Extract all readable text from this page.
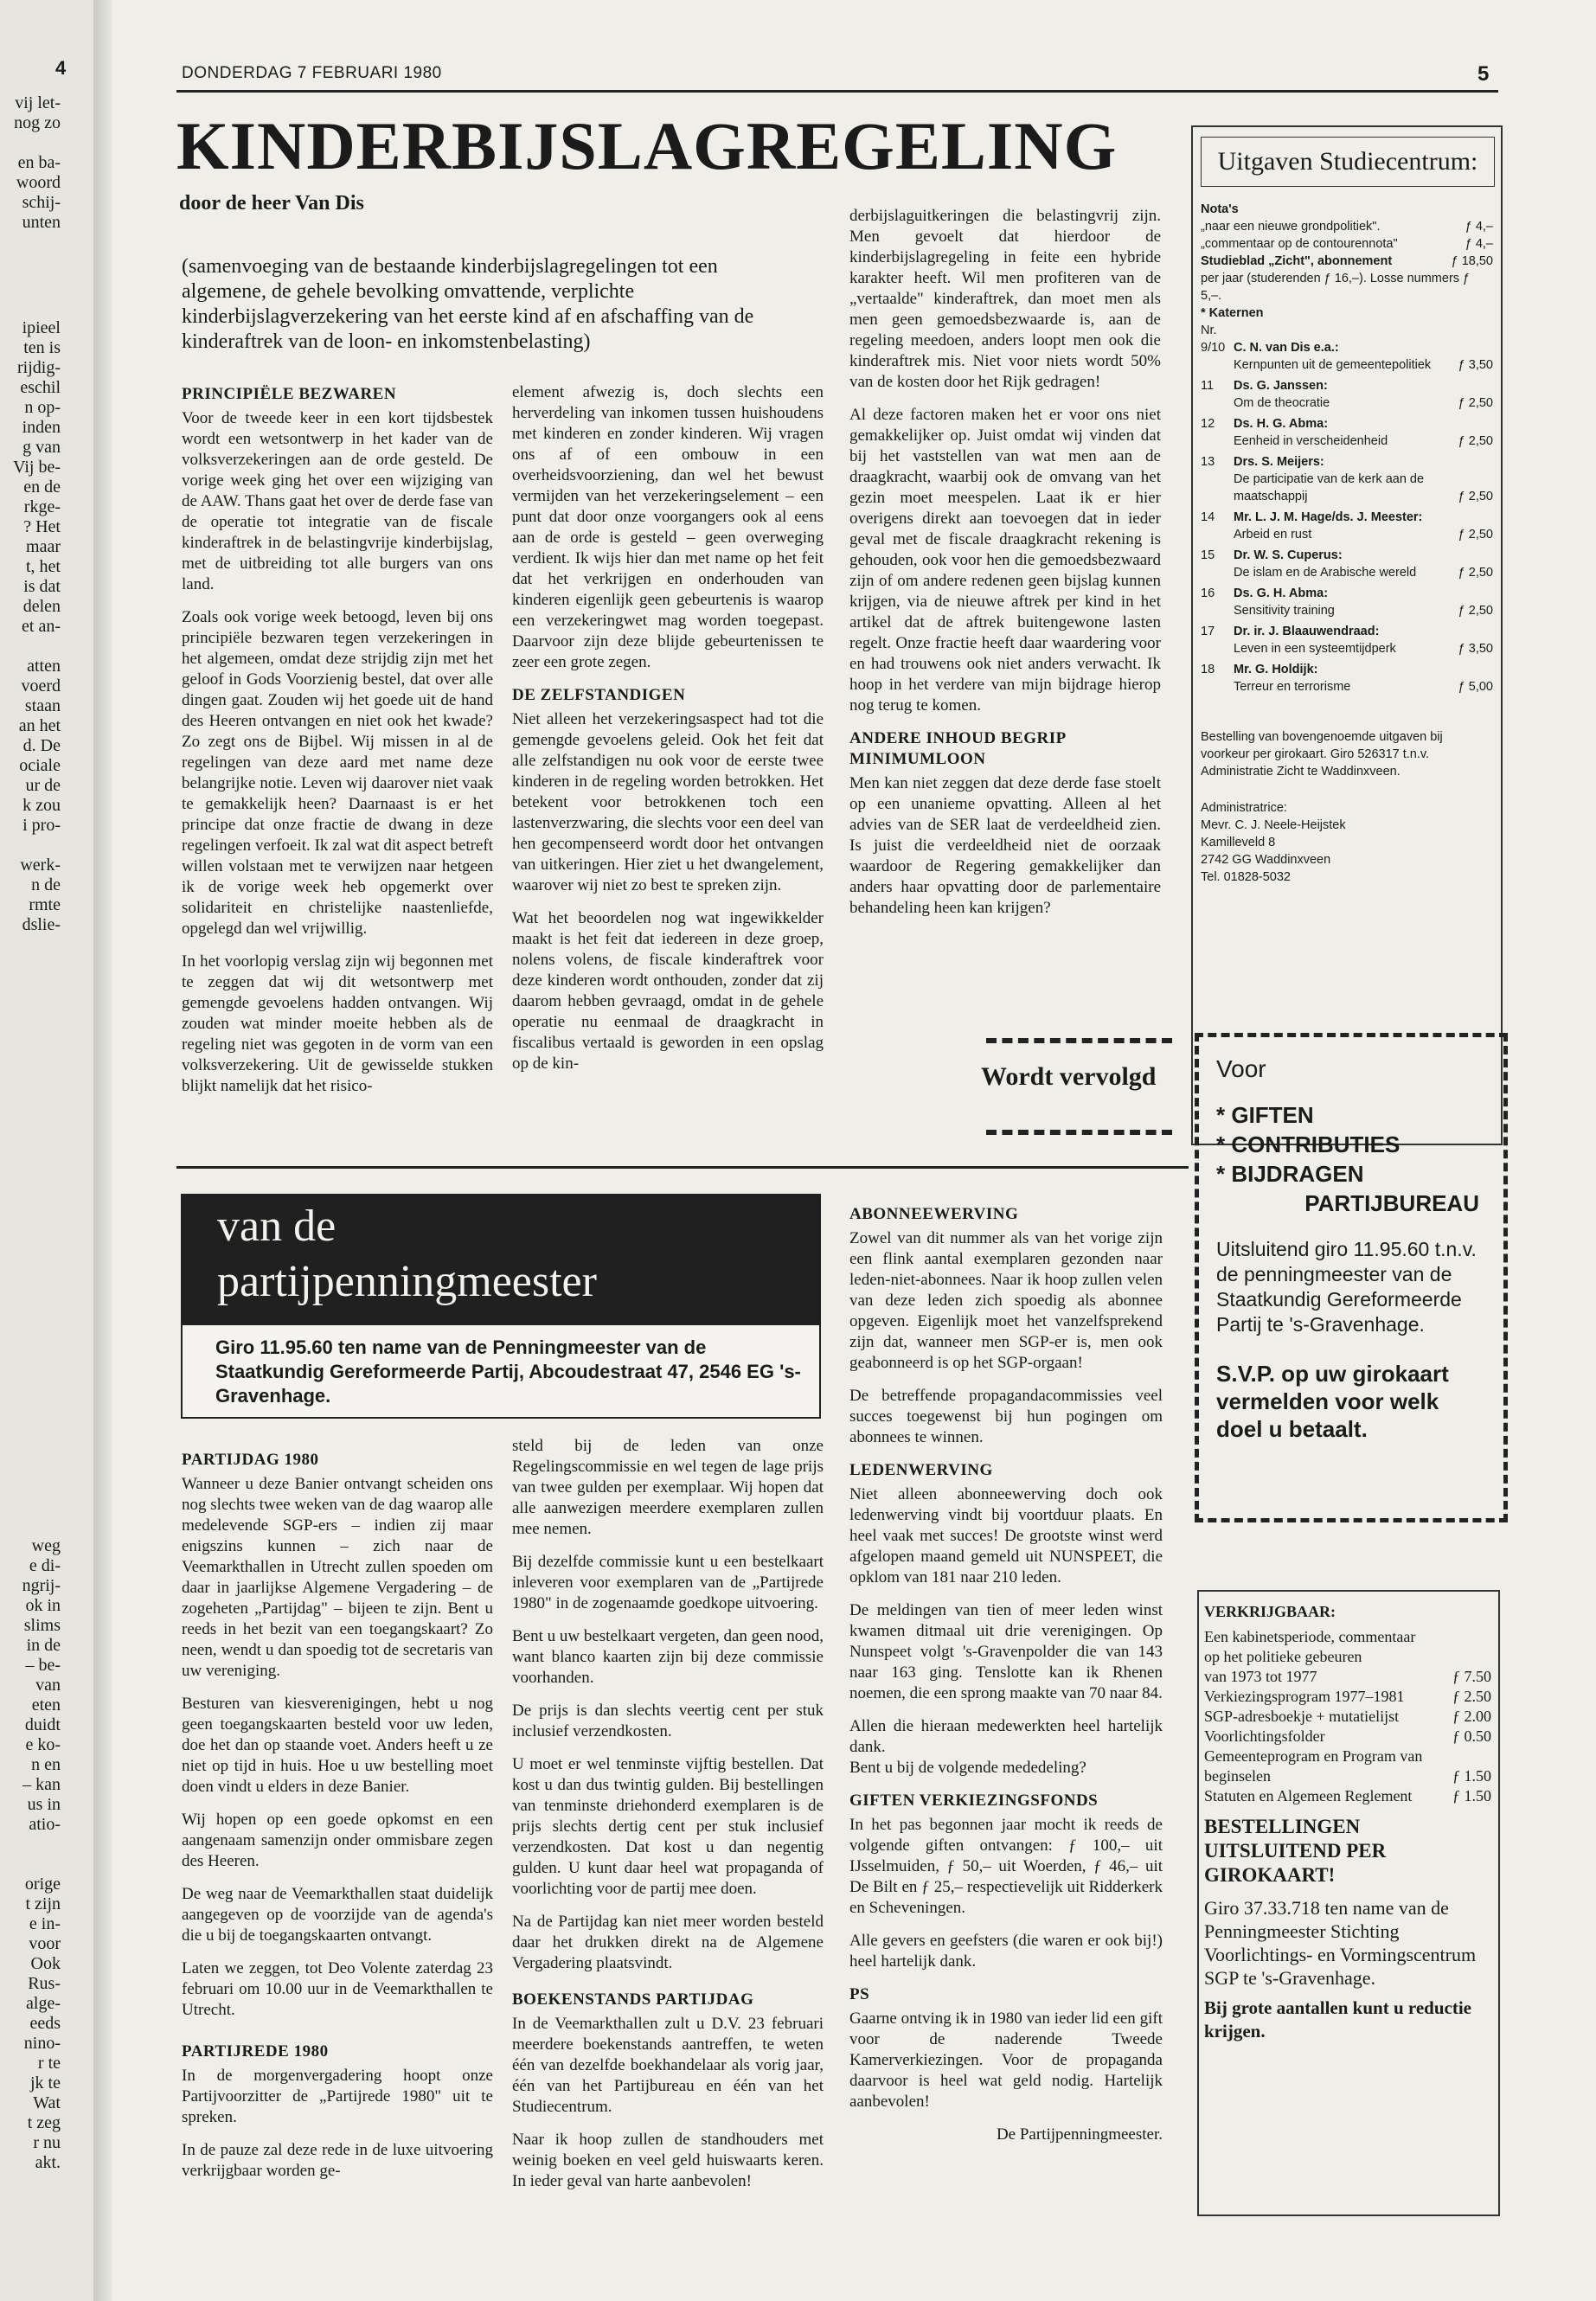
4
vij let-
nog zo
en ba-
woord
schij-
unten
ipieel
ten is
rijdig-
eschil
n op-
inden
g van
Vij be-
en de
rkge-
? Het
maar
t, het
is dat
delen
et an-
atten
voerd
staan
an het
d. De
ociale
ur de
k zou
i pro-
werk-
n de
rmte
dslie-
weg
e di-
ngrij-
ok in
slims
in de
– be-
van
eten
duidt
e ko-
n en
– kan
us in
atio-
orige
t zijn
e in-
voor
Ook
Rus-
alge-
eeds
nino-
r te
jk te
Wat
t zeg
r nu
akt.
DONDERDAG 7 FEBRUARI 1980	5
KINDERBIJSLAGREGELING
door de heer Van Dis
(samenvoeging van de bestaande kinderbijslagregelingen tot een algemene, de gehele bevolking omvattende, verplichte kinderbijslagverzekering van het eerste kind af en afschaffing van de kinderaftrek van de loon- en inkomstenbelasting)
PRINCIPIËLE BEZWAREN

Voor de tweede keer in een kort tijdsbestek wordt een wetsontwerp in het kader van de volksverzekeringen aan de orde gesteld. De vorige week ging het over een wijziging van de AAW. Thans gaat het over de derde fase van de operatie tot integratie van de fiscale kinderaftrek in de belastingvrije kinderbijslag, met de uitbreiding tot alle burgers van ons land.

Zoals ook vorige week betoogd, leven bij ons principiële bezwaren tegen verzekeringen in het algemeen, omdat deze strijdig zijn met het geloof in Gods Voorzienig bestel, dat over alle dingen gaat. Zouden wij het goede uit de hand des Heeren ontvangen en niet ook het kwade? Zo zegt ons de Bijbel. Wij missen in al de regelingen van deze aard met name deze belangrijke notie. Leven wij daarover niet vaak te gemakkelijk heen? Daarnaast is er het principe dat onze fractie de dwang in deze regelingen verfoeit. Ik zal wat dit aspect betreft willen volstaan met te verwijzen naar hetgeen ik de vorige week heb opgemerkt over solidariteit en christelijke naastenliefde, opgelegd dan wel vrijwillig.

In het voorlopig verslag zijn wij begonnen met te zeggen dat wij dit wetsontwerp met gemengde gevoelens hadden ontvangen. Wij zouden wat minder moeite hebben als de regeling niet was gegoten in de vorm van een volksverzekering. Uit de gewisselde stukken blijkt namelijk dat het risico-

element afwezig is, doch slechts een herverdeling van inkomen tussen huishoudens met kinderen en zonder kinderen. Wij vragen ons af of een ombouw in een overheidsvoorziening, dan wel het bewust vermijden van het verzekeringselement – een punt dat door onze voorgangers ook al eens aan de orde is gesteld – geen overweging verdient. Ik wijs hier dan met name op het feit dat het verkrijgen en onderhouden van kinderen eigenlijk geen gebeurtenis is waarop een verzekeringwet mag worden toegepast. Daarvoor zijn deze blijde gebeurtenissen te zeer een grote zegen.

DE ZELFSTANDIGEN

Niet alleen het verzekeringsaspect had tot die gemengde gevoelens geleid. Ook het feit dat alle zelfstandigen nu ook voor de eerste twee kinderen in de regeling worden betrokken. Het betekent voor betrokkenen toch een lastenverzwaring, die slechts voor een deel van hen gecompenseerd wordt door het ontvangen van uitkeringen. Hier ziet u het dwangelement, waarover wij niet zo best te spreken zijn.

Wat het beoordelen nog wat ingewikkelder maakt is het feit dat iedereen in deze groep, nolens volens, de fiscale kinderaftrek voor deze kinderen wordt onthouden, zonder dat zij daarom hebben gevraagd, omdat in de gehele operatie nu eenmaal de draagkracht in fiscalibus vertaald is geworden in een opslag op de kin-

derbijslaguitkeringen die belastingvrij zijn. Men gevoelt dat hierdoor de kinderbijslagregeling in feite een hybride karakter heeft. Wil men profiteren van de „vertaalde" kinderaftrek, dan moet men als men geen gemoedsbezwaarde is, aan de regeling meedoen, anders loopt men ook die kinderaftrek mis. Niet voor niets wordt 50% van de kosten door het Rijk gedragen!

Al deze factoren maken het er voor ons niet gemakkelijker op. Juist omdat wij vinden dat bij het vaststellen van wat men aan de draagkracht, waarbij ook de omvang van het gezin moet meespelen. Laat ik er hier overigens direkt aan toevoegen dat in ieder geval met de fiscale draagkracht rekening is gehouden, ook voor hen die gemoedsbezwaard zijn of om andere redenen geen bijslag kunnen krijgen, via de nieuwe aftrek per kind in het artikel dat de aftrek buitengewone lasten regelt. Onze fractie heeft daar waardering voor en had trouwens ook niet anders verwacht. Ik hoop in het verdere van mijn bijdrage hierop nog terug te komen.

ANDERE INHOUD BEGRIP MINIMUMLOON

Men kan niet zeggen dat deze derde fase stoelt op een unanieme opvatting. Alleen al het advies van de SER laat de verdeeldheid zien. Is juist die verdeeldheid niet de oorzaak waardoor de Regering gemakkelijker dan anders haar opvatting door de parlementaire behandeling heen kan krijgen?

Wordt vervolgd
Uitgaven Studiecentrum:
Nota's
„naar een nieuwe grondpolitiek".	ƒ 4,–
„commentaar op de contourennota"	ƒ 4,–
Studieblad „Zicht", abonnement	ƒ 18,50
per jaar (studerenden ƒ 16,–). Losse nummers ƒ 5,–.
* Katernen
Nr.
9/10 C. N. van Dis e.a.:
Kernpunten uit de gemeentepolitiek	ƒ 3,50
11	Ds. G. Janssen:
Om de theocratie	ƒ 2,50
12	Ds. H. G. Abma:
Eenheid in verscheidenheid	ƒ 2,50
13	Drs. S. Meijers:
De participatie van de kerk aan de maatschappij	ƒ 2,50
14	Mr. L. J. M. Hage/ds. J. Meester:
Arbeid en rust	ƒ 2,50
15	Dr. W. S. Cuperus:
De islam en de Arabische wereld	ƒ 2,50
16	Ds. G. H. Abma:
Sensitivity training	ƒ 2,50
17	Dr. ir. J. Blaauwendraad:
Leven in een systeemtijdperk	ƒ 3,50
18	Mr. G. Holdijk:
Terreur en terrorisme	ƒ 5,00
Bestelling van bovengenoemde uitgaven bij voorkeur per girokaart. Giro 526317 t.n.v. Administratie Zicht te Waddinxveen.
Administratrice:
Mevr. C. J. Neele-Heijstek
Kamilleveld 8
2742 GG Waddinxveen
Tel. 01828-5032
Voor
* GIFTEN
* CONTRIBUTIES
* BIJDRAGEN
PARTIJBUREAU
Uitsluitend giro 11.95.60 t.n.v. de penningmeester van de Staatkundig Gereformeerde Partij te 's-Gravenhage.
S.V.P. op uw girokaart vermelden voor welk doel u betaalt.
van de
partijpenningmeester
Giro 11.95.60 ten name van de Penningmeester van de Staatkundig Gereformeerde Partij, Abcoudestraat 47, 2546 EG 's-Gravenhage.
PARTIJDAG 1980

Wanneer u deze Banier ontvangt scheiden ons nog slechts twee weken van de dag waarop alle medelevende SGP-ers – indien zij maar enigszins kunnen – zich naar de Veemarkthallen in Utrecht zullen spoeden om daar in jaarlijkse Algemene Vergadering – de zogeheten „Partijdag" – bijeen te zijn. Bent u reeds in het bezit van een toegangskaart? Zo neen, wendt u dan spoedig tot de secretaris van uw vereniging.

Besturen van kiesverenigingen, hebt u nog geen toegangskaarten besteld voor uw leden, doe het dan op staande voet. Anders heeft u ze niet op tijd in huis. Hoe u uw bestelling moet doen vindt u elders in deze Banier.

Wij hopen op een goede opkomst en een aangenaam samenzijn onder ommisbare zegen des Heeren.

De weg naar de Veemarkthallen staat duidelijk aangegeven op de voorzijde van de agenda's die u bij de toegangskaarten ontvangt.

Laten we zeggen, tot Deo Volente zaterdag 23 februari om 10.00 uur in de Veemarkthallen te Utrecht.

PARTIJREDE 1980

In de morgenvergadering hoopt onze Partijvoorzitter de „Partijrede 1980" uit te spreken.

In de pauze zal deze rede in de luxe uitvoering verkrijgbaar worden ge-

steld bij de leden van onze Regelingscommissie en wel tegen de lage prijs van twee gulden per exemplaar. Wij hopen dat alle aanwezigen meerdere exemplaren zullen mee nemen.

Bij dezelfde commissie kunt u een bestelkaart inleveren voor exemplaren van de „Partijrede 1980" in de zogenaamde goedkope uitvoering.

Bent u uw bestelkaart vergeten, dan geen nood, want blanco kaarten zijn bij deze commissie voorhanden.

De prijs is dan slechts veertig cent per stuk inclusief verzendkosten.

U moet er wel tenminste vijftig bestellen. Dat kost u dan dus twintig gulden. Bij bestellingen van tenminste driehonderd exemplaren is de prijs slechts dertig cent per stuk inclusief verzendkosten. Dat kost u dan negentig gulden. U kunt daar heel wat propaganda of voorlichting voor de partij mee doen.

Na de Partijdag kan niet meer worden besteld daar het drukken direkt na de Algemene Vergadering plaatsvindt.

BOEKENSTANDS PARTIJDAG

In de Veemarkthallen zult u D.V. 23 februari meerdere boekenstands aantreffen, te weten één van dezelfde boekhandelaar als vorig jaar, één van het Partijbureau en één van het Studiecentrum.

Naar ik hoop zullen de standhouders met weinig boeken en veel geld huiswaarts keren. In ieder geval van harte aanbevolen!

ABONNEEWERVING

Zowel van dit nummer als van het vorige zijn een flink aantal exemplaren gezonden naar leden-niet-abonnees. Naar ik hoop zullen velen van deze leden zich spoedig als abonnee opgeven. Eigenlijk moet het vanzelfsprekend zijn dat, wanneer men SGP-er is, men ook geabonneerd is op het SGP-orgaan!

De betreffende propagandacommissies veel succes toegewenst bij hun pogingen om abonnees te winnen.

LEDENWERVING

Niet alleen abonneewerving doch ook ledenwerving vindt bij voortduur plaats. En heel vaak met succes! De grootste winst werd afgelopen maand gemeld uit NUNSPEET, die opklom van 181 naar 210 leden.

De meldingen van tien of meer leden winst kwamen ditmaal uit drie verenigingen. Op Nunspeet volgt 's-Gravenpolder die van 143 naar 163 ging. Tenslotte kan ik Rhenen noemen, die een sprong maakte van 70 naar 84.

Allen die hieraan medewerkten heel hartelijk dank.

Bent u bij de volgende mededeling?

GIFTEN VERKIEZINGSFONDS

In het pas begonnen jaar mocht ik reeds de volgende giften ontvangen: ƒ 100,– uit IJsselmuiden, ƒ 50,– uit Woerden, ƒ 46,– uit De Bilt en ƒ 25,– respectievelijk uit Ridderkerk en Scheveningen.

Alle gevers en geefsters (die waren er ook bij!) heel hartelijk dank.

PS

Gaarne ontving ik in 1980 van ieder lid een gift voor de naderende Tweede Kamerverkiezingen. Voor de propaganda daarvoor is heel wat geld nodig. Hartelijk aanbevolen!

De Partijpenningmeester.
VERKRIJGBAAR:
Een kabinetsperiode, commentaar op het politieke gebeuren
van 1973 tot 1977	ƒ 7.50
Verkiezingsprogram 1977–1981	ƒ 2.50
SGP-adresboekje + mutatielijst	ƒ 2.00
Voorlichtingsfolder	ƒ 0.50
Gemeenteprogram en Program van beginselen	ƒ 1.50
Statuten en Algemeen Reglement	ƒ 1.50
BESTELLINGEN UITSLUITEND PER GIROKAART!
Giro 37.33.718 ten name van de Penningmeester Stichting Voorlichtings- en Vormingscentrum SGP te 's-Gravenhage.
Bij grote aantallen kunt u reductie krijgen.
